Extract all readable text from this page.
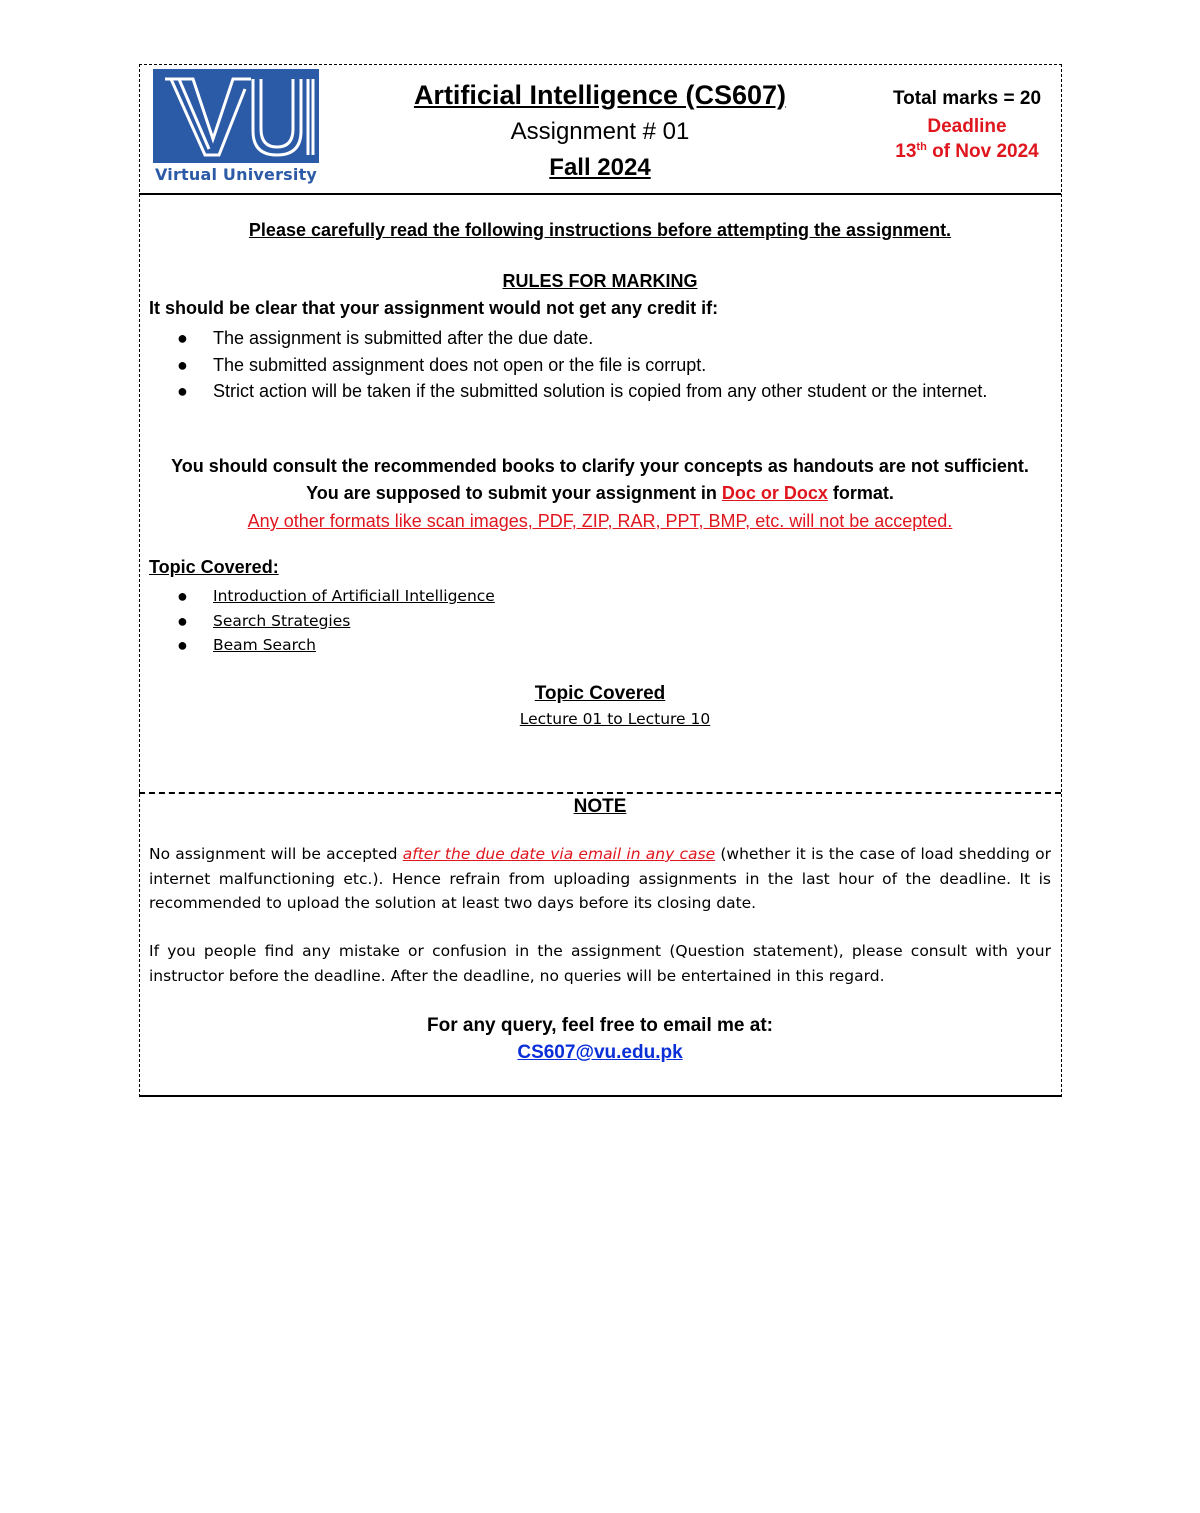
Virtual University
Artificial Intelligence (CS607)
Assignment # 01
Fall 2024
Total marks = 20
Deadline
13th of Nov 2024
Please carefully read the following instructions before attempting the assignment.
RULES FOR MARKING
It should be clear that your assignment would not get any credit if:
● The assignment is submitted after the due date.
● The submitted assignment does not open or the file is corrupt.
● Strict action will be taken if the submitted solution is copied from any other student or the internet.
You should consult the recommended books to clarify your concepts as handouts are not sufficient.
You are supposed to submit your assignment in Doc or Docx format.
Any other formats like scan images, PDF, ZIP, RAR, PPT, BMP, etc. will not be accepted.
Topic Covered:
● Introduction of Artificiall Intelligence
● Search Strategies
● Beam Search
Topic Covered
Lecture 01 to Lecture 10
NOTE
No assignment will be accepted after the due date via email in any case (whether it is the case of load shedding or internet malfunctioning etc.). Hence refrain from uploading assignments in the last hour of the deadline. It is recommended to upload the solution at least two days before its closing date.
If you people find any mistake or confusion in the assignment (Question statement), please consult with your instructor before the deadline. After the deadline, no queries will be entertained in this regard.
For any query, feel free to email me at:
CS607@vu.edu.pk
